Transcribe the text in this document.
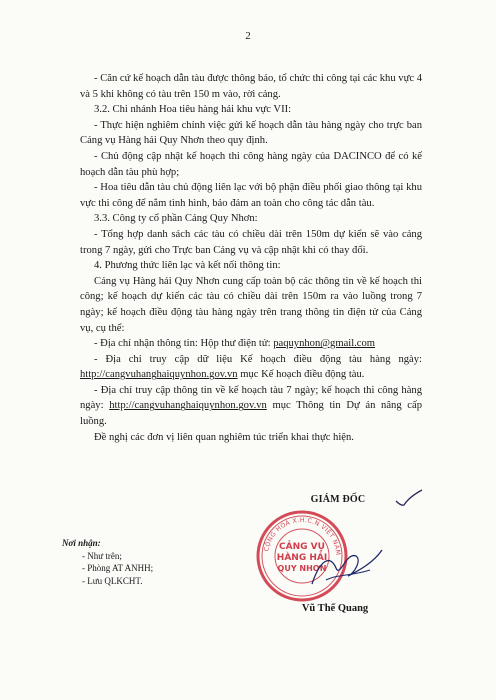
2

- Căn cứ kế hoạch dẫn tàu được thông báo, tổ chức thi công tại các khu vực 4 và 5 khi không có tàu trên 150 m vào, rời cảng.

3.2. Chi nhánh Hoa tiêu hàng hải khu vực VII:

- Thực hiện nghiêm chỉnh việc gửi kế hoạch dẫn tàu hàng ngày cho trực ban Cảng vụ Hàng hải Quy Nhơn theo quy định.

- Chủ động cập nhật kế hoạch thi công hàng ngày của DACINCO để có kế hoạch dẫn tàu phù hợp;

- Hoa tiêu dẫn tàu chủ động liên lạc với bộ phận điều phối giao thông tại khu vực thi công để nắm tình hình, bảo đảm an toàn cho công tác dẫn tàu.

3.3. Công ty cổ phần Cảng Quy Nhơn:

- Tổng hợp danh sách các tàu có chiều dài trên 150m dự kiến sẽ vào cảng trong 7 ngày, gửi cho Trực ban Cảng vụ và cập nhật khi có thay đổi.

4. Phương thức liên lạc và kết nối thông tin:

Cảng vụ Hàng hải Quy Nhơn cung cấp toàn bộ các thông tin về kế hoạch thi công; kế hoạch dự kiến các tàu có chiều dài trên 150m ra vào luồng trong 7 ngày; kế hoạch điều động tàu hàng ngày trên trang thông tin điện tử của Cảng vụ, cụ thể:

- Địa chỉ nhận thông tin: Hộp thư điện tử: paquynhon@gmail.com

- Địa chỉ truy cập dữ liệu Kế hoạch điều động tàu hàng ngày: http://cangvuhanghaiquynhon.gov.vn mục Kế hoạch điều động tàu.

- Địa chỉ truy cập thông tin về kế hoạch tàu 7 ngày; kế hoạch thi công hàng ngày: http://cangvuhanghaiquynhon.gov.vn mục Thông tin Dự án nâng cấp luồng.

Đề nghị các đơn vị liên quan nghiêm túc triển khai thực hiện.

Nơi nhận:
- Như trên;
- Phòng AT ANHH;
- Lưu QLKCHT.
GIÁM ĐỐC
CỘNG HOÀ X.H.C.N VIỆT NAM
CẢNG VỤ
HÀNG HẢI
QUY NHƠN
Vũ Thế Quang
